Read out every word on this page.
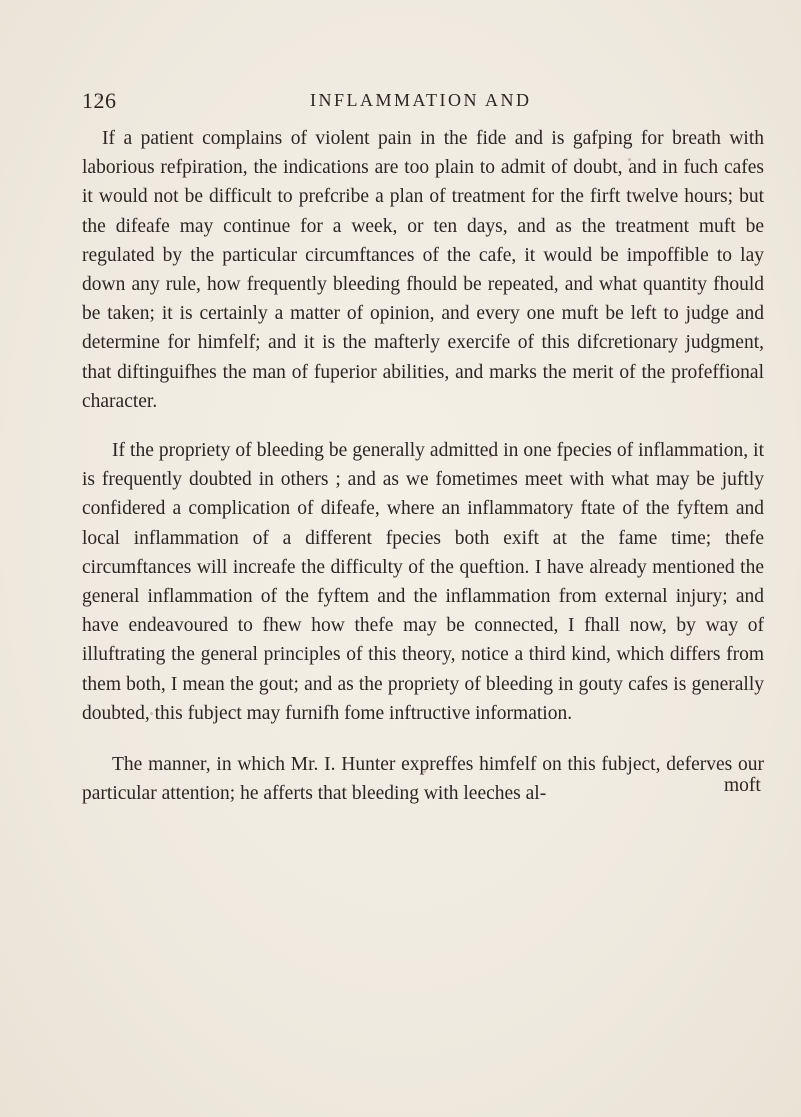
126	INFLAMMATION AND

If a patient complains of violent pain in the fide and is gafping for breath with laborious refpiration, the indications are too plain to admit of doubt, and in fuch cafes it would not be difficult to prefcribe a plan of treatment for the firft twelve hours; but the difeafe may continue for a week, or ten days, and as the treatment muft be regulated by the particular circumftances of the cafe, it would be impoffible to lay down any rule, how frequently bleeding fhould be repeated, and what quantity fhould be taken; it is certainly a matter of opinion, and every one muft be left to judge and determine for himfelf; and it is the mafterly exercife of this difcretionary judgment, that diftinguifhes the man of fuperior abilities, and marks the merit of the profeffional character.

If the propriety of bleeding be generally admitted in one fpecies of inflammation, it is frequently doubted in others ; and as we fometimes meet with what may be juftly confidered a complication of difeafe, where an inflammatory ftate of the fyftem and local inflammation of a different fpecies both exift at the fame time; thefe circumftances will increafe the difficulty of the queftion. I have already mentioned the general inflammation of the fyftem and the inflammation from external injury; and have endeavoured to fhew how thefe may be connected, I fhall now, by way of illuftrating the general principles of this theory, notice a third kind, which differs from them both, I mean the gout; and as the propriety of bleeding in gouty cafes is generally doubted, this fubject may furnifh fome inftructive information.

The manner, in which Mr. I. Hunter expreffes himfelf on this fubject, deferves our particular attention; he afferts that bleeding with leeches al-	moft
